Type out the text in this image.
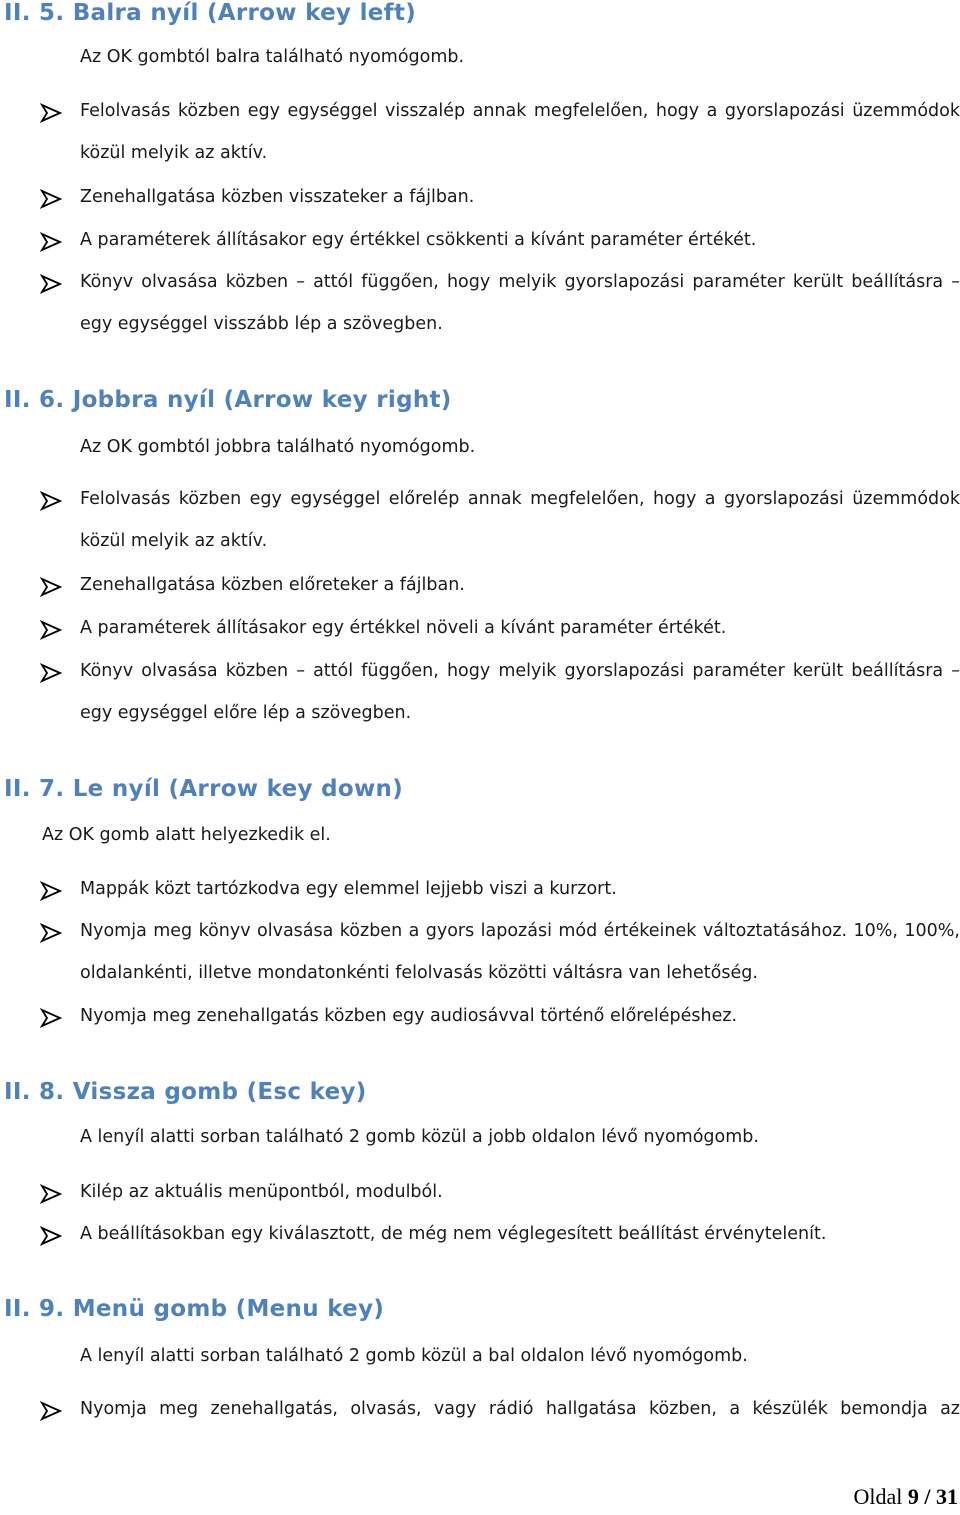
II. 5. Balra nyíl (Arrow key left)
Az OK gombtól balra található nyomógomb.
Felolvasás közben egy egységgel visszalép annak megfelelően, hogy a gyorslapozási üzemmódok közül melyik az aktív.
Zenehallgatása közben visszateker a fájlban.
A paraméterek állításakor egy értékkel csökkenti a kívánt paraméter értékét.
Könyv olvasása közben – attól függően, hogy melyik gyorslapozási paraméter került beállításra – egy egységgel visszább lép a szövegben.
II. 6. Jobbra nyíl (Arrow key right)
Az OK gombtól jobbra található nyomógomb.
Felolvasás közben egy egységgel előrelép annak megfelelően, hogy a gyorslapozási üzemmódok közül melyik az aktív.
Zenehallgatása közben előreteker a fájlban.
A paraméterek állításakor egy értékkel növeli a kívánt paraméter értékét.
Könyv olvasása közben – attól függően, hogy melyik gyorslapozási paraméter került beállításra – egy egységgel előre lép a szövegben.
II. 7. Le nyíl (Arrow key down)
Az OK gomb alatt helyezkedik el.
Mappák közt tartózkodva egy elemmel lejjebb viszi a kurzort.
Nyomja meg könyv olvasása közben a gyors lapozási mód értékeinek változtatásához. 10%, 100%, oldalankénti, illetve mondatonkénti felolvasás közötti váltásra van lehetőség.
Nyomja meg zenehallgatás közben egy audiosávval történő előrelépéshez.
II. 8. Vissza gomb (Esc key)
A lenyíl alatti sorban található 2 gomb közül a jobb oldalon lévő nyomógomb.
Kilép az aktuális menüpontból, modulból.
A beállításokban egy kiválasztott, de még nem véglegesített beállítást érvénytelenít.
II. 9. Menü gomb (Menu key)
A lenyíl alatti sorban található 2 gomb közül a bal oldalon lévő nyomógomb.
Nyomja meg zenehallgatás, olvasás, vagy rádió hallgatása közben, a készülék bemondja az
Oldal 9 / 31
